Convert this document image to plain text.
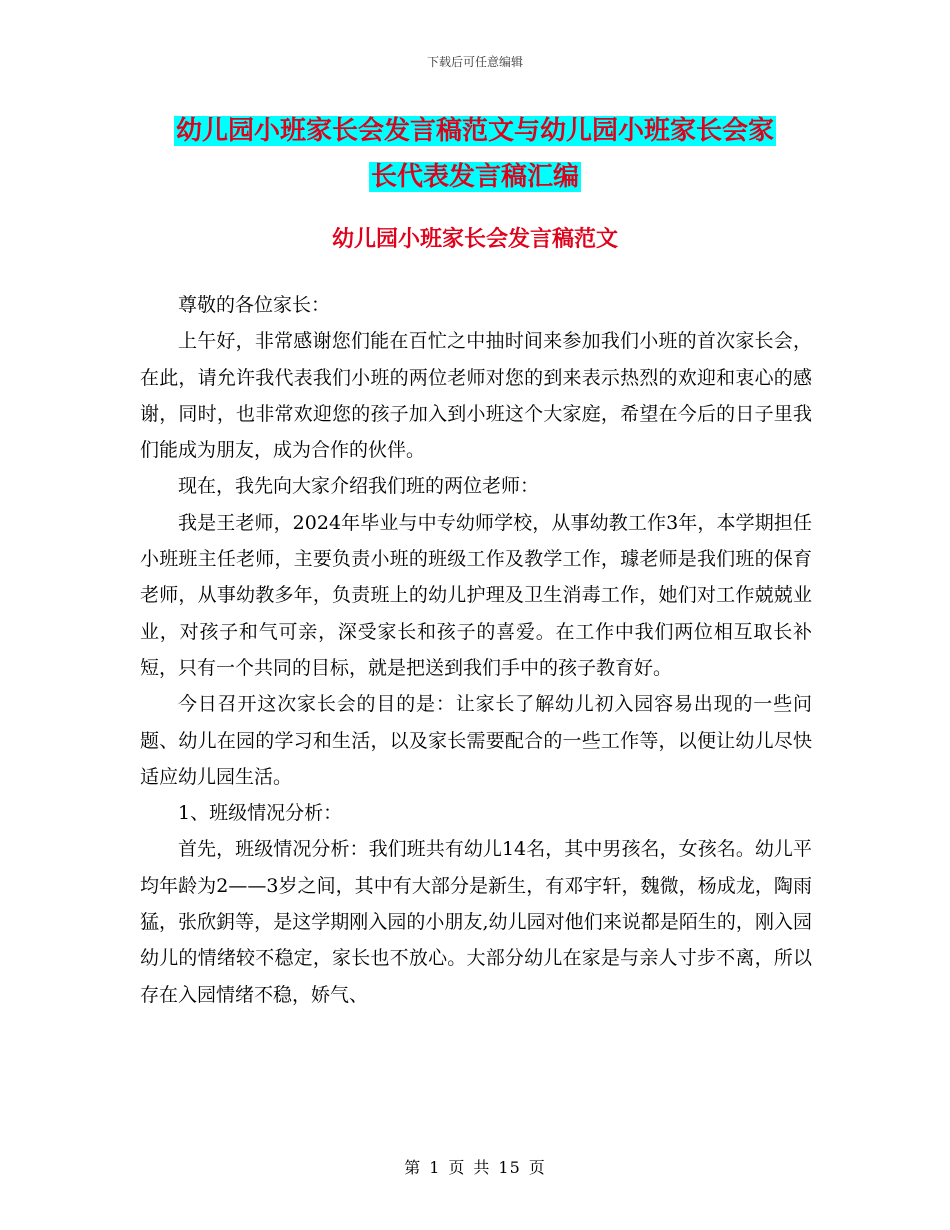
下载后可任意编辑
幼儿园小班家长会发言稿范文与幼儿园小班家长会家
长代表发言稿汇编
幼儿园小班家长会发言稿范文

尊敬的各位家长：

上午好，非常感谢您们能在百忙之中抽时间来参加我们小班的首次家长会，在此，请允许我代表我们小班的两位老师对您的到来表示热烈的欢迎和衷心的感谢，同时，也非常欢迎您的孩子加入到小班这个大家庭，希望在今后的日子里我们能成为朋友，成为合作的伙伴。

现在，我先向大家介绍我们班的两位老师：

我是王老师，2024年毕业与中专幼师学校，从事幼教工作3年，本学期担任小班班主任老师，主要负责小班的班级工作及教学工作，璩老师是我们班的保育老师，从事幼教多年，负责班上的幼儿护理及卫生消毒工作，她们对工作兢兢业业，对孩子和气可亲，深受家长和孩子的喜爱。在工作中我们两位相互取长补短，只有一个共同的目标，就是把送到我们手中的孩子教育好。

今日召开这次家长会的目的是：让家长了解幼儿初入园容易出现的一些问题、幼儿在园的学习和生活，以及家长需要配合的一些工作等，以便让幼儿尽快适应幼儿园生活。

1、班级情况分析：

首先，班级情况分析：我们班共有幼儿14名，其中男孩名，女孩名。幼儿平均年龄为2——3岁之间，其中有大部分是新生，有邓宇轩，魏微，杨成龙，陶雨猛，张欣鈅等，是这学期刚入园的小朋友,幼儿园对他们来说都是陌生的，刚入园幼儿的情绪较不稳定，家长也不放心。大部分幼儿在家是与亲人寸步不离，所以存在入园情绪不稳，娇气、

第 1 页 共 15 页
